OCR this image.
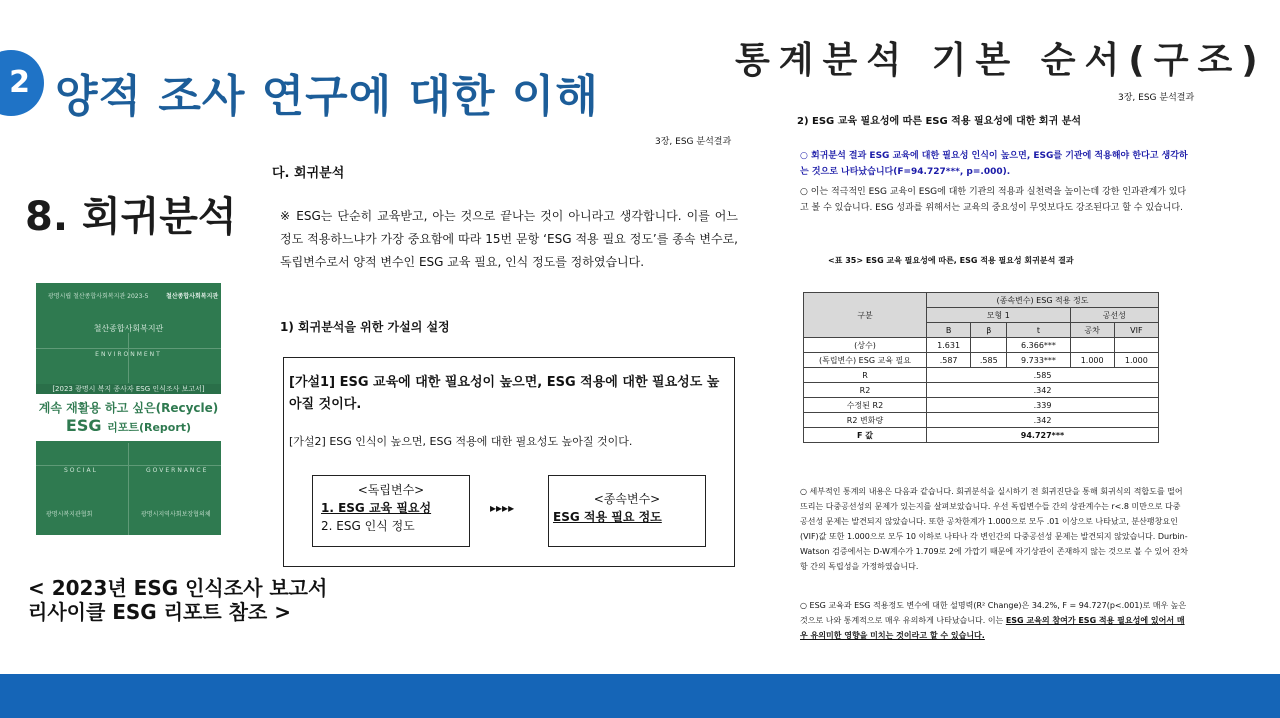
2 양적 조사 연구에 대한 이해
통계분석 기본 순서(구조)
8. 회귀분석
광명시립 철산종합사회복지관 2023-5	철산종합사회복지관
철산종합사회복지관
ENVIRONMENT
[2023 광명시 복지 종사자 ESG 인식조사 보고서]
계속 재활용 하고 싶은(Recycle)
ESG 리포트(Report)
SOCIAL	GOVERNANCE
광명시복지관협회	광명시지역사회보장협의체
< 2023년 ESG 인식조사 보고서
리사이클 ESG 리포트 참조 >
3장, ESG 분석결과
다. 회귀분석
※ ESG는 단순히 교육받고, 아는 것으로 끝나는 것이 아니라고 생각합니다. 이를 어느 정도 적용하느냐가 가장 중요함에 따라 15번 문항 ‘ESG 적용 필요 정도’를 종속 변수로, 독립변수로서 양적 변수인 ESG 교육 필요, 인식 정도를 정하였습니다.
1) 회귀분석을 위한 가설의 설정
[가설1] ESG 교육에 대한 필요성이 높으면, ESG 적용에 대한 필요성도 높아질 것이다.
[가설2] ESG 인식이 높으면, ESG 적용에 대한 필요성도 높아질 것이다.
<독립변수>
1. ESG 교육 필요성
2. ESG 인식 정도
▸▸▸▸
<종속변수>
ESG 적용 필요 정도
3장, ESG 분석결과
2) ESG 교육 필요성에 따른 ESG 적용 필요성에 대한 회귀 분석
○ 회귀분석 결과 ESG 교육에 대한 필요성 인식이 높으면, ESG를 기관에 적용해야 한다고 생각하는 것으로 나타났습니다(F=94.727***, p=.000).
○ 이는 적극적인 ESG 교육이 ESG에 대한 기관의 적용과 실천력을 높이는데 강한 인과관계가 있다고 볼 수 있습니다. ESG 성과를 위해서는 교육의 중요성이 무엇보다도 강조된다고 할 수 있습니다.
<표 35> ESG 교육 필요성에 따른, ESG 적용 필요성 회귀분석 결과
구분	(종속변수) ESG 적용 정도				
	모형 1			공선성	
	B	β	t	공차	VIF
(상수)	1.631		6.366***		
(독립변수) ESG 교육 필요	.587	.585	9.733***	1.000	1.000
R	.585				
R2	.342				
수정된 R2	.339				
R2 변화량	.342				
F 값	94.727***				
○ 세부적인 통계의 내용은 다음과 같습니다. 회귀분석을 실시하기 전 회귀진단을 통해 회귀식의 적합도를 떨어뜨리는 다중공선성의 문제가 있는지를 살펴보았습니다. 우선 독립변수들 간의 상관계수는 r<.8 미만으로 다중공선성 문제는 발견되지 않았습니다. 또한 공차한계가 1.000으로 모두 .01 이상으로 나타났고, 분산팽창요인(VIF)값 또한 1.000으로 모두 10 이하로 나타나 각 변인간의 다중공선성 문제는 발견되지 않았습니다. Durbin-Watson 검증에서는 D-W계수가 1.709로 2에 가깝기 때문에 자기상관이 존재하지 않는 것으로 볼 수 있어 잔차항 간의 독립성을 가정하였습니다.
○ ESG 교육과 ESG 적용정도 변수에 대한 설명력(R² Change)은 34.2%, F = 94.727(p<.001)로 매우 높은 것으로 나와 통계적으로 매우 유의하게 나타났습니다. 이는 ESG 교육의 참여가 ESG 적용 필요성에 있어서 매우 유의미한 영향을 미치는 것이라고 할 수 있습니다.
